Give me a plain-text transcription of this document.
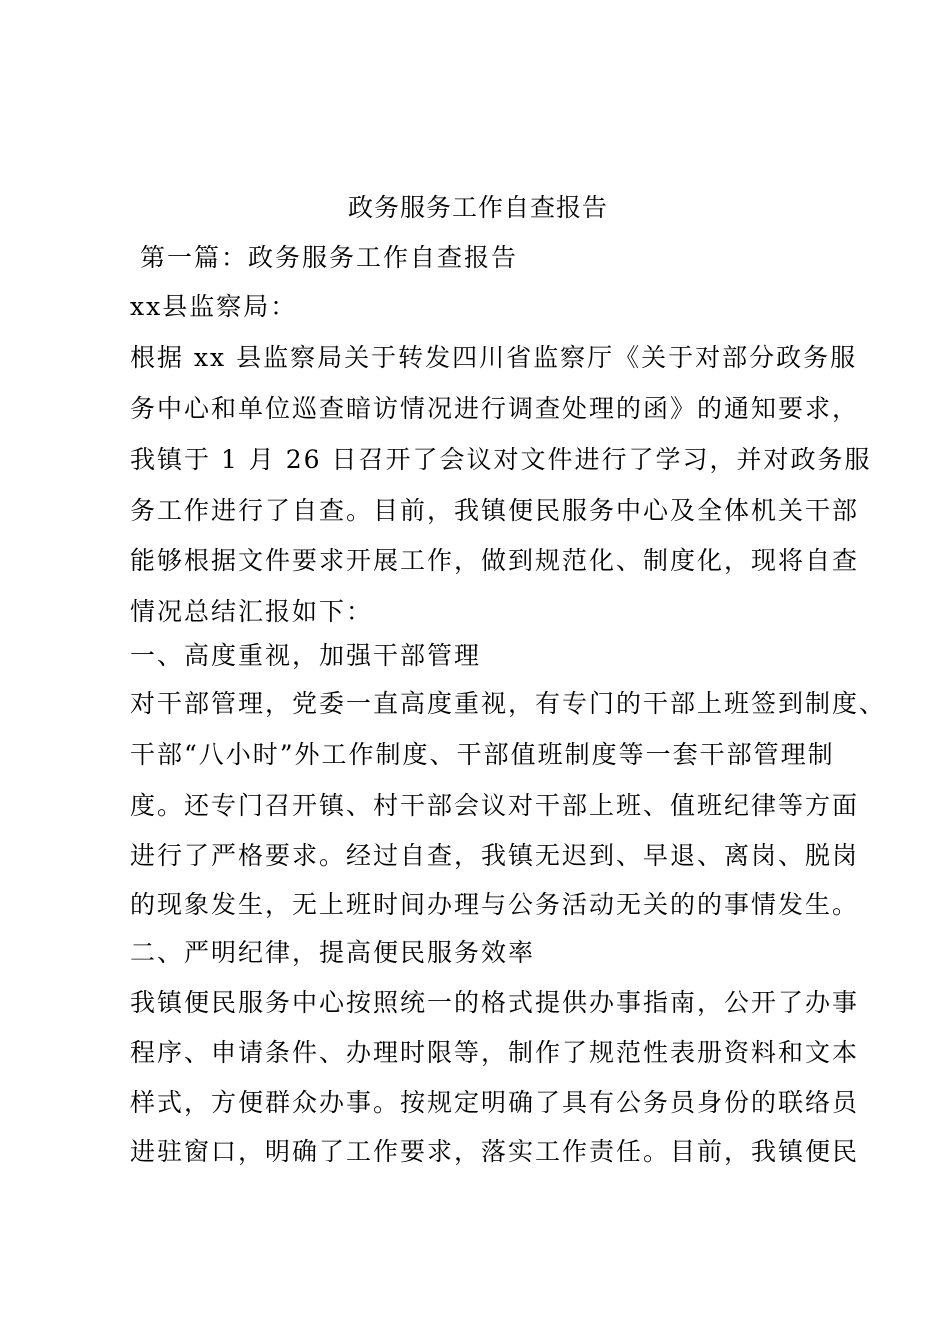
政务服务工作自查报告
第一篇：政务服务工作自查报告
xx县监察局：
根据 xx 县监察局关于转发四川省监察厅《关于对部分政务服
务中心和单位巡查暗访情况进行调查处理的函》的通知要求，
我镇于 1 月 26 日召开了会议对文件进行了学习，并对政务服
务工作进行了自查。目前，我镇便民服务中心及全体机关干部
能够根据文件要求开展工作，做到规范化、制度化，现将自查
情况总结汇报如下：
一、高度重视，加强干部管理
对干部管理，党委一直高度重视，有专门的干部上班签到制度、
干部“八小时”外工作制度、干部值班制度等一套干部管理制
度。还专门召开镇、村干部会议对干部上班、值班纪律等方面
进行了严格要求。经过自查，我镇无迟到、早退、离岗、脱岗
的现象发生，无上班时间办理与公务活动无关的的事情发生。
二、严明纪律，提高便民服务效率
我镇便民服务中心按照统一的格式提供办事指南，公开了办事
程序、申请条件、办理时限等，制作了规范性表册资料和文本
样式，方便群众办事。按规定明确了具有公务员身份的联络员
进驻窗口，明确了工作要求，落实工作责任。目前，我镇便民
